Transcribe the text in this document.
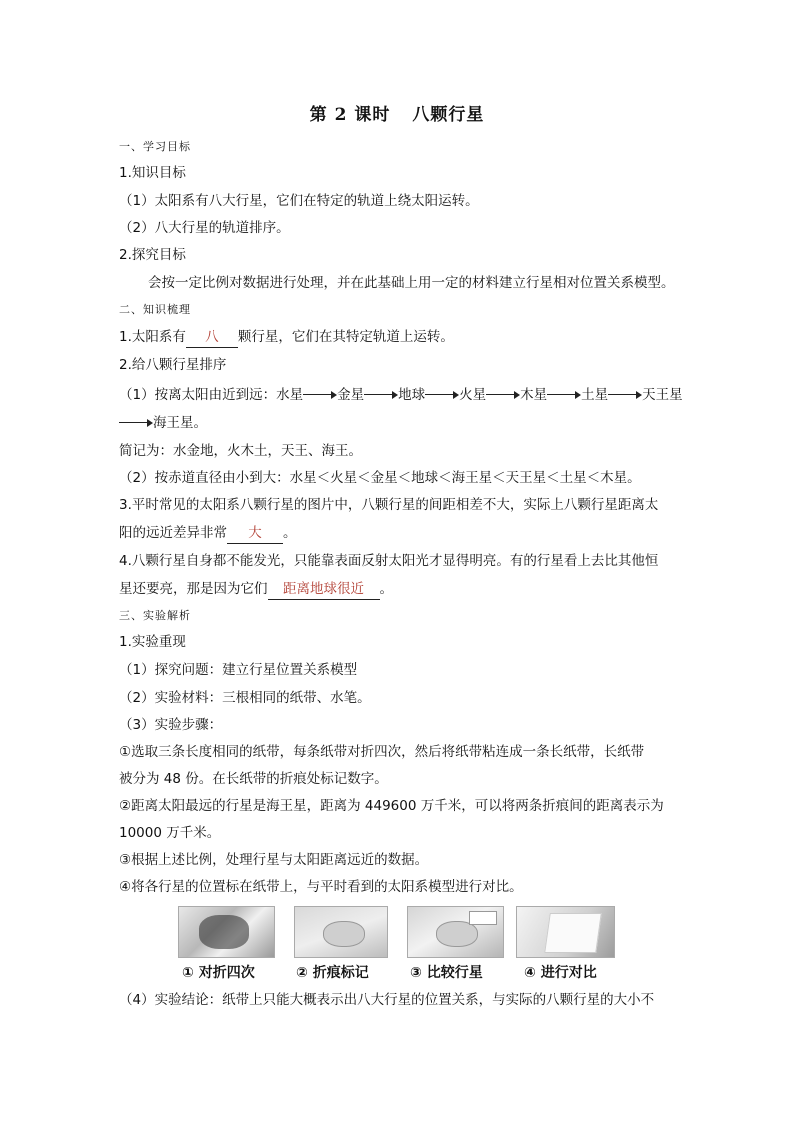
第 2 课时 八颗行星
一、学习目标
1.知识目标
（1）太阳系有八大行星，它们在特定的轨道上绕太阳运转。
（2）八大行星的轨道排序。
2.探究目标
会按一定比例对数据进行处理，并在此基础上用一定的材料建立行星相对位置关系模型。
二、知识梳理
1.太阳系有 八 颗行星，它们在其特定轨道上运转。
2.给八颗行星排序
（1）按离太阳由近到远：水星	金星	地球	火星	木星	土星	天王星
海王星。
简记为：水金地，火木土，天王、海王。
（2）按赤道直径由小到大：水星＜火星＜金星＜地球＜海王星＜天王星＜土星＜木星。
3.平时常见的太阳系八颗行星的图片中，八颗行星的间距相差不大，实际上八颗行星距离太
阳的远近差异非常 大 。
4.八颗行星自身都不能发光，只能靠表面反射太阳光才显得明亮。有的行星看上去比其他恒
星还要亮，那是因为它们 距离地球很近 。
三、实验解析
1.实验重现
（1）探究问题：建立行星位置关系模型
（2）实验材料：三根相同的纸带、水笔。
（3）实验步骤：
①选取三条长度相同的纸带，每条纸带对折四次，然后将纸带粘连成一条长纸带，长纸带
被分为 48 份。在长纸带的折痕处标记数字。
②距离太阳最远的行星是海王星，距离为 449600 万千米，可以将两条折痕间的距离表示为
10000 万千米。
③根据上述比例，处理行星与太阳距离远近的数据。
④将各行星的位置标在纸带上，与平时看到的太阳系模型进行对比。
① 对折四次	② 折痕标记	③ 比较行星	④ 进行对比
（4）实验结论：纸带上只能大概表示出八大行星的位置关系，与实际的八颗行星的大小不
